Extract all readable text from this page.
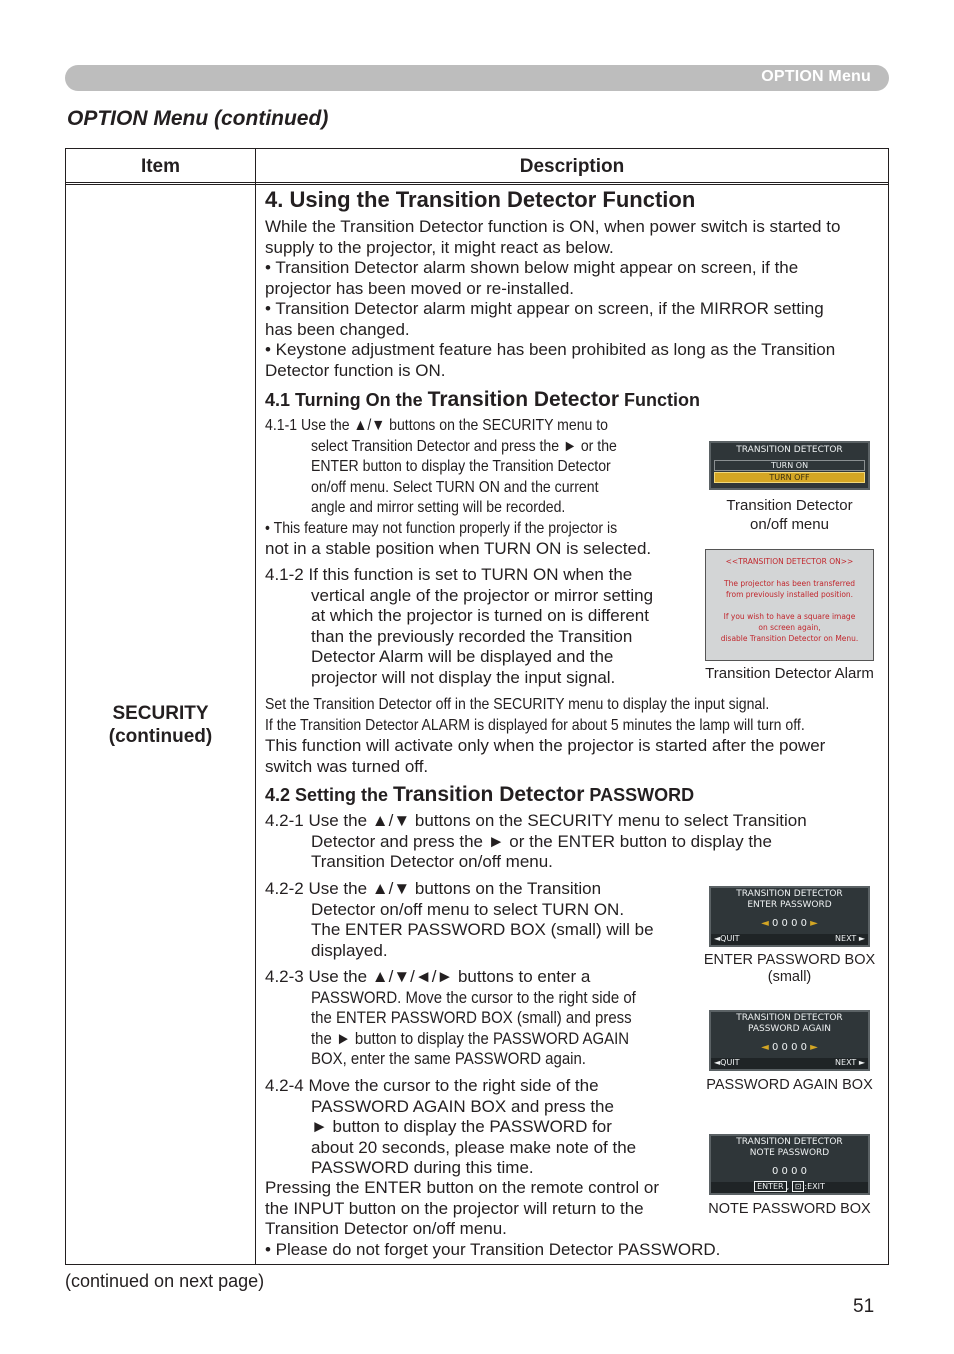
OPTION Menu
OPTION Menu (continued)
Item	Description
SECURITY
(continued)
4. Using the Transition Detector Function
While the Transition Detector function is ON, when power switch is started to
supply to the projector, it might react as below.
• Transition Detector alarm shown below might appear on screen, if the
projector has been moved or re-installed.
• Transition Detector alarm might appear on screen, if the MIRROR setting
has been changed.
• Keystone adjustment feature has been prohibited as long as the Transition
Detector function is ON.
4.1 Turning On the Transition Detector Function
4.1-1 Use the ▲/▼ buttons on the SECURITY menu to
select Transition Detector and press the ► or the
ENTER button to display the Transition Detector
on/off menu. Select TURN ON and the current
angle and mirror setting will be recorded.
• This feature may not function properly if the projector is
not in a stable position when TURN ON is selected.
4.1-2 If this function is set to TURN ON when the
vertical angle of the projector or mirror setting
at which the projector is turned on is different
than the previously recorded the Transition
Detector Alarm will be displayed and the
projector will not display the input signal.
Set the Transition Detector off in the SECURITY menu to display the input signal.
If the Transition Detector ALARM is displayed for about 5 minutes the lamp will turn off.
This function will activate only when the projector is started after the power
switch was turned off.
4.2 Setting the Transition Detector PASSWORD
4.2-1 Use the ▲/▼ buttons on the SECURITY menu to select Transition
Detector and press the ► or the ENTER button to display the
Transition Detector on/off menu.
4.2-2 Use the ▲/▼ buttons on the Transition
Detector on/off menu to select TURN ON.
The ENTER PASSWORD BOX (small) will be
displayed.
4.2-3 Use the ▲/▼/◄/► buttons to enter a
PASSWORD. Move the cursor to the right side of
the ENTER PASSWORD BOX (small) and press
the ► button to display the PASSWORD AGAIN
BOX, enter the same PASSWORD again.
4.2-4 Move the cursor to the right side of the
PASSWORD AGAIN BOX and press the
► button to display the PASSWORD for
about 20 seconds, please make note of the
PASSWORD during this time.
Pressing the ENTER button on the remote control or
the INPUT button on the projector will return to the
Transition Detector on/off menu.
• Please do not forget your Transition Detector PASSWORD.
TRANSITION DETECTOR
TURN ON
TURN OFF
Transition Detector
on/off menu
<<TRANSITION DETECTOR ON>>

The projector has been transferred
from previously installed position.

If you wish to have a square image
on screen again,
disable Transition Detector on Menu.
Transition Detector Alarm
TRANSITION DETECTOR
ENTER PASSWORD
◄ 0 0 0 0 ►
◄QUIT	NEXT ►
ENTER PASSWORD BOX
(small)
TRANSITION DETECTOR
PASSWORD AGAIN
◄ 0 0 0 0 ►
◄QUIT	NEXT ►
PASSWORD AGAIN BOX
TRANSITION DETECTOR
NOTE PASSWORD
0 0 0 0
ENTER , ⊡ :EXIT
NOTE PASSWORD BOX
(continued on next page)
51
